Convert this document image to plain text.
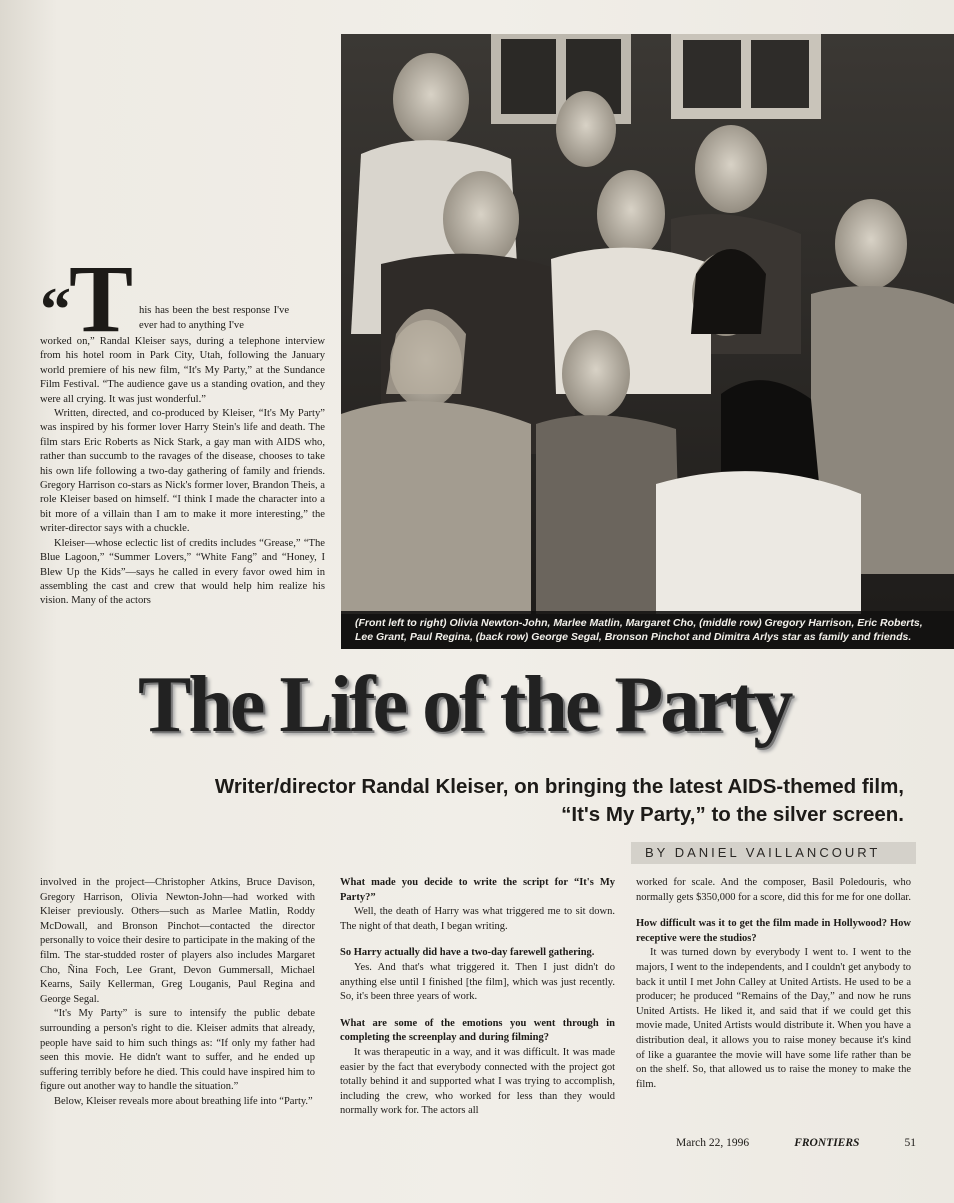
(Front left to right) Olivia Newton-John, Marlee Matlin, Margaret Cho, (middle row) Gregory Harrison, Eric Roberts,
Lee Grant, Paul Regina, (back row) George Segal, Bronson Pinchot and Dimitra Arlys star as family and friends.
“
T his has been the best response I've ever had to anything I've

worked on,” Randal Kleiser says, during a telephone interview from his hotel room in Park City, Utah, following the January world premiere of his new film, “It's My Party,” at the Sundance Film Festival. “The audience gave us a standing ovation, and they were all crying. It was just wonderful.”

Written, directed, and co-produced by Kleiser, “It's My Party” was inspired by his former lover Harry Stein's life and death. The film stars Eric Roberts as Nick Stark, a gay man with AIDS who, rather than succumb to the ravages of the disease, chooses to take his own life following a two-day gathering of family and friends. Gregory Harrison co-stars as Nick's former lover, Brandon Theis, a role Kleiser based on himself. “I think I made the character into a bit more of a villain than I am to make it more interesting,” the writer-director says with a chuckle.

Kleiser—whose eclectic list of credits includes “Grease,” “The Blue Lagoon,” “Summer Lovers,” “White Fang” and “Honey, I Blew Up the Kids”—says he called in every favor owed him in assembling the cast and crew that would help him realize his vision. Many of the actors

The Life of the Party
Writer/director Randal Kleiser, on bringing the latest AIDS-themed film,
“It's My Party,” to the silver screen.
BY DANIEL VAILLANCOURT

involved in the project—Christopher Atkins, Bruce Davison, Gregory Harrison, Olivia Newton-John—had worked with Kleiser previously. Others—such as Marlee Matlin, Roddy McDowall, and Bronson Pinchot—contacted the director personally to voice their desire to participate in the making of the film. The star-studded roster of players also includes Margaret Cho, Ñina Foch, Lee Grant, Devon Gummersall, Michael Kearns, Saily Kellerman, Greg Louganis, Paul Regina and George Segal.

“It's My Party” is sure to intensify the public debate surrounding a person's right to die. Kleiser admits that already, people have said to him such things as: “If only my father had seen this movie. He didn't want to suffer, and he ended up suffering terribly before he died. This could have inspired him to figure out another way to handle the situation.”

Below, Kleiser reveals more about breathing life into “Party.”

What made you decide to write the script for “It's My Party?”

Well, the death of Harry was what triggered me to sit down. The night of that death, I began writing.

So Harry actually did have a two-day farewell gathering.

Yes. And that's what triggered it. Then I just didn't do anything else until I finished [the film], which was just recently. So, it's been three years of work.

What are some of the emotions you went through in completing the screenplay and during filming?

It was therapeutic in a way, and it was difficult. It was made easier by the fact that everybody connected with the project got totally behind it and supported what I was trying to accomplish, including the crew, who worked for less than they would normally work for. The actors all

worked for scale. And the composer, Basil Poledouris, who normally gets $350,000 for a score, did this for me for one dollar.

How difficult was it to get the film made in Hollywood? How receptive were the studios?

It was turned down by everybody I went to. I went to the majors, I went to the independents, and I couldn't get anybody to back it until I met John Calley at United Artists. He used to be a producer; he produced “Remains of the Day,” and now he runs United Artists. He liked it, and said that if we could get this movie made, United Artists would distribute it. When you have a distribution deal, it allows you to raise money because it's kind of like a guarantee the movie will have some life rather than be on the shelf. So, that allowed us to raise the money to make the film.

March 22, 1996	FRONTIERS	51
